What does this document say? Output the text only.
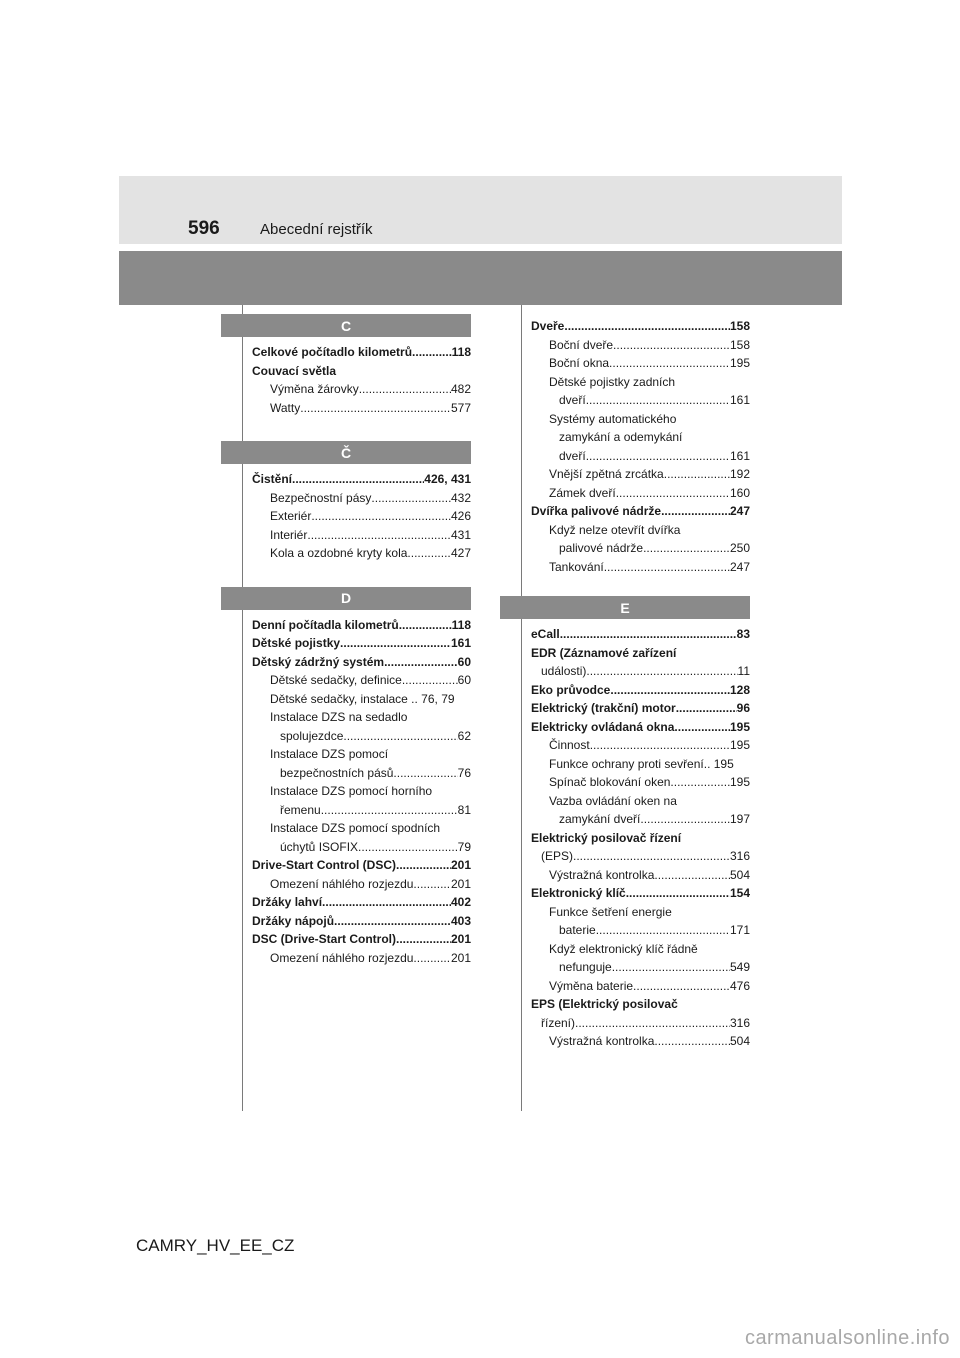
596	Abecední rejstřík
C
Celkové počítadlo kilometrů .....	118
Couvací světla
Výměna žárovky .....	482
Watty .....	577
Č
Čistění .....	426, 431
Bezpečnostní pásy .....	432
Exteriér .....	426
Interiér .....	431
Kola a ozdobné kryty kola .....	427
D
Denní počítadla kilometrů .....	118
Dětské pojistky .....	161
Dětský zádržný systém .....	60
Dětské sedačky, definice .....	60
Dětské sedačky, instalace .. 76, 79
Instalace DZS na sedadlo
spolujezdce .....	62
Instalace DZS pomocí
bezpečnostních pásů .....	76
Instalace DZS pomocí horního
řemenu .....	81
Instalace DZS pomocí spodních
úchytů ISOFIX .....	79
Drive-Start Control (DSC) .....	201
Omezení náhlého rozjezdu .....	201
Držáky lahví .....	402
Držáky nápojů .....	403
DSC (Drive-Start Control) .....	201
Omezení náhlého rozjezdu .....	201
Dveře .....	158
Boční dveře .....	158
Boční okna .....	195
Dětské pojistky zadních
dveří .....	161
Systémy automatického
zamykání a odemykání
dveří .....	161
Vnější zpětná zrcátka .....	192
Zámek dveří .....	160
Dvířka palivové nádrže .....	247
Když nelze otevřít dvířka
palivové nádrže .....	250
Tankování .....	247
E
eCall .....	83
EDR (Záznamové zařízení
události) .....	11
Eko průvodce .....	128
Elektrický (trakční) motor .....	96
Elektricky ovládaná okna .....	195
Činnost .....	195
Funkce ochrany proti sevření.. 195
Spínač blokování oken .....	195
Vazba ovládání oken na
zamykání dveří .....	197
Elektrický posilovač řízení
(EPS) .....	316
Výstražná kontrolka .....	504
Elektronický klíč .....	154
Funkce šetření energie
baterie .....	171
Když elektronický klíč řádně
nefunguje .....	549
Výměna baterie .....	476
EPS (Elektrický posilovač
řízení) .....	316
Výstražná kontrolka .....	504
CAMRY_HV_EE_CZ
carmanualsonline.info
